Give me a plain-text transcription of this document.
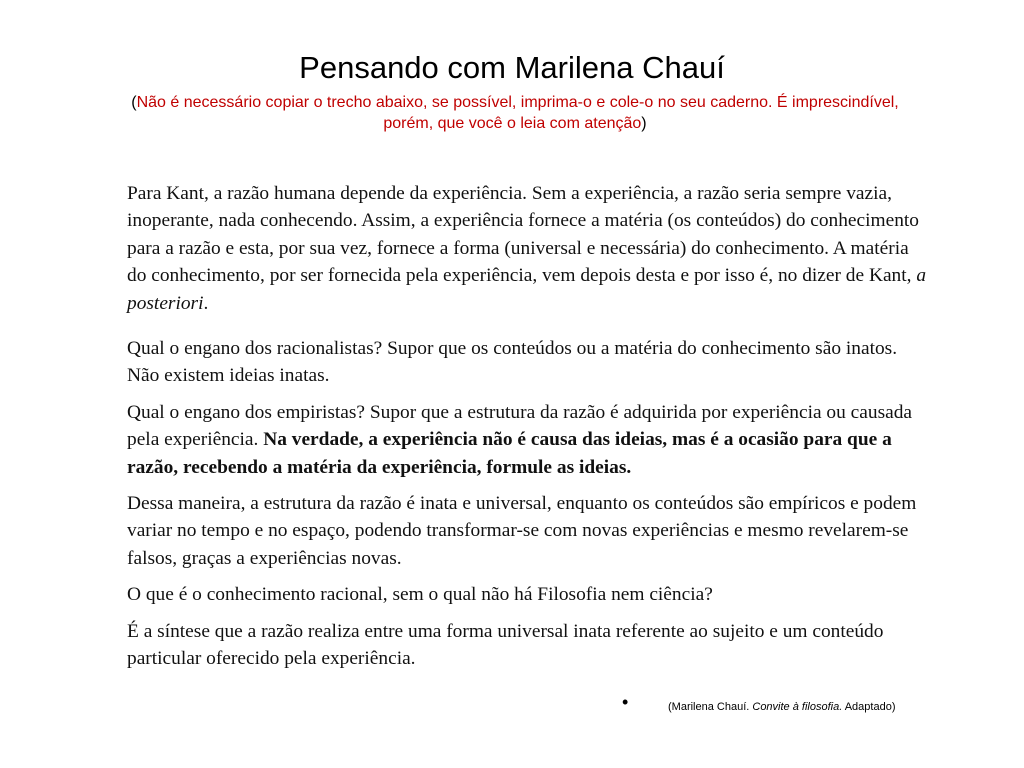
Pensando com Marilena Chauí
(Não é necessário copiar o trecho abaixo, se possível, imprima-o e cole-o no seu caderno. É imprescindível, porém, que você o leia com atenção)

Para Kant, a razão humana depende da experiência. Sem a experiência, a razão seria sempre vazia, inoperante, nada conhecendo. Assim, a experiência fornece a matéria (os conteúdos) do conhecimento para a razão e esta, por sua vez, fornece a forma (universal e necessária) do conhecimento. A matéria do conhecimento, por ser fornecida pela experiência, vem depois desta e por isso é, no dizer de Kant, a posteriori.

Qual o engano dos racionalistas? Supor que os conteúdos ou a matéria do conhecimento são inatos. Não existem ideias inatas.

Qual o engano dos empiristas? Supor que a estrutura da razão é adquirida por experiência ou causada pela experiência. Na verdade, a experiência não é causa das ideias, mas é a ocasião para que a razão, recebendo a matéria da experiência, formule as ideias.

Dessa maneira, a estrutura da razão é inata e universal, enquanto os conteúdos são empíricos e podem variar no tempo e no espaço, podendo transformar-se com novas experiências e mesmo revelarem-se falsos, graças a experiências novas.

O que é o conhecimento racional, sem o qual não há Filosofia nem ciência?

É a síntese que a razão realiza entre uma forma universal inata referente ao sujeito e um conteúdo particular oferecido pela experiência.

•	(Marilena Chauí. Convite à filosofia. Adaptado)
